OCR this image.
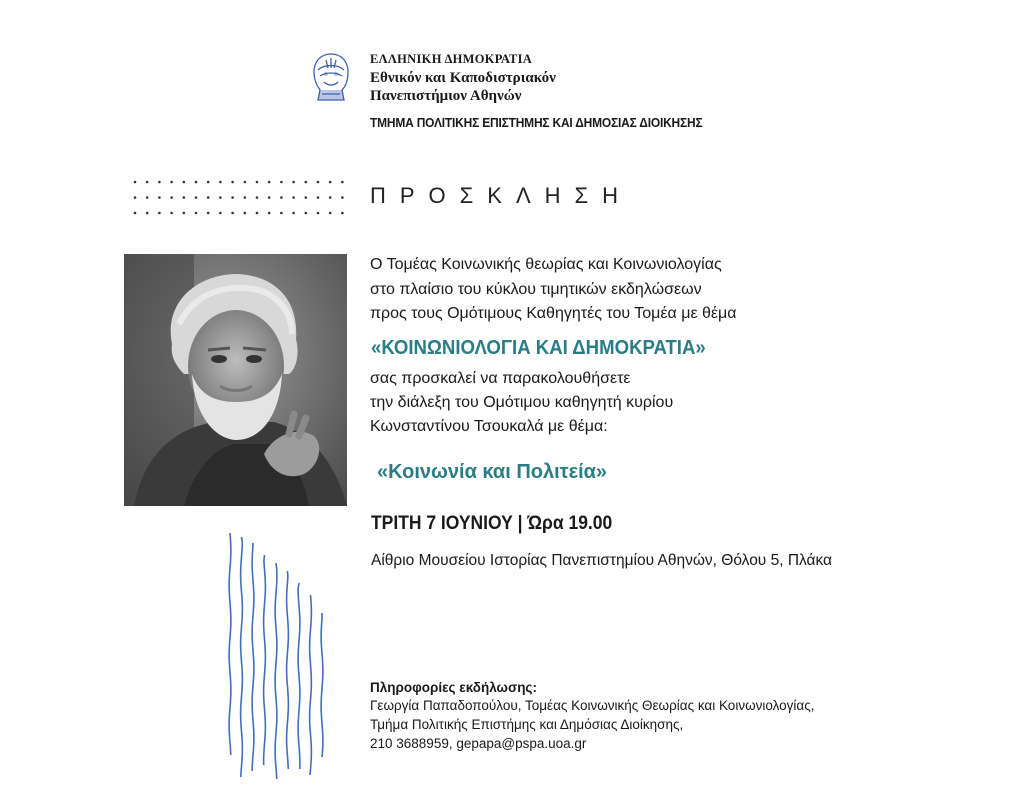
ΕΛΛΗΝΙΚΗ ΔΗΜΟΚΡΑΤΙΑ
Εθνικόν και Καποδιστριακόν
Πανεπιστήμιον Αθηνών
ΤΜΗΜΑ ΠΟΛΙΤΙΚΗΣ ΕΠΙΣΤΗΜΗΣ ΚΑΙ ΔΗΜΟΣΙΑΣ ΔΙΟΙΚΗΣΗΣ
ΠΡΟΣΚΛΗΣΗ
Ο Τομέας Κοινωνικής θεωρίας και Κοινωνιολογίας
στο πλαίσιο του κύκλου τιμητικών εκδηλώσεων
προς τους Ομότιμους Καθηγητές του Τομέα με θέμα
«ΚΟΙΝΩΝΙΟΛΟΓΙΑ ΚΑΙ ΔΗΜΟΚΡΑΤΙΑ»
σας προσκαλεί να παρακολουθήσετε
την διάλεξη του Ομότιμου καθηγητή κυρίου
Κωνσταντίνου Τσουκαλά με θέμα:
«Κοινωνία και Πολιτεία»
ΤΡΙΤΗ 7 ΙΟΥΝΙΟΥ | Ώρα 19.00
Αίθριο Μουσείου Ιστορίας Πανεπιστημίου Αθηνών, Θόλου 5, Πλάκα
Πληροφορίες εκδήλωσης:
Γεωργία Παπαδοπούλου, Τομέας Κοινωνικής Θεωρίας και Κοινωνιολογίας,
Τμήμα Πολιτικής Επιστήμης και Δημόσιας Διοίκησης,
210 3688959, gepapa@pspa.uoa.gr
